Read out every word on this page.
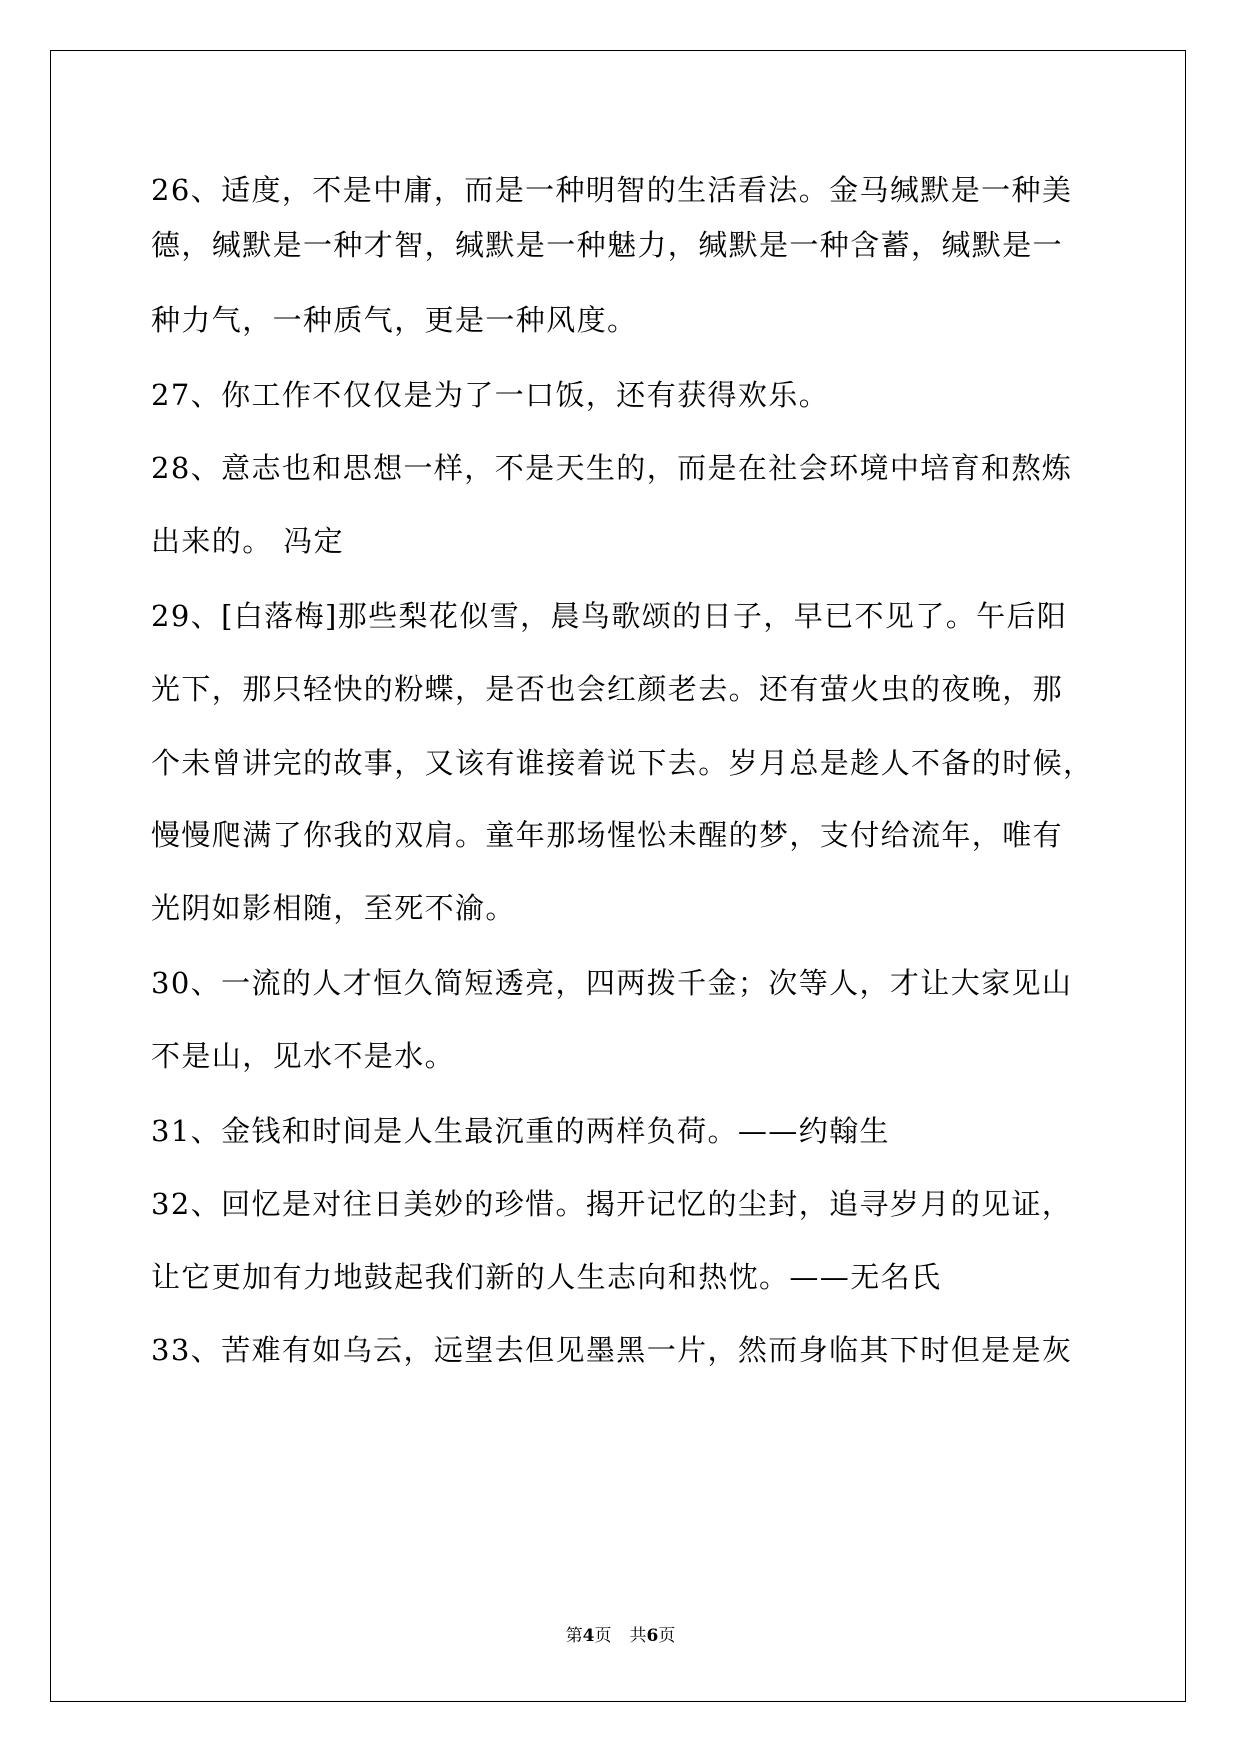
26、适度，不是中庸，而是一种明智的生活看法。金马缄默是一种美
德，缄默是一种才智，缄默是一种魅力，缄默是一种含蓄，缄默是一
种力气，一种质气，更是一种风度。
27、你工作不仅仅是为了一口饭，还有获得欢乐。
28、意志也和思想一样，不是天生的，而是在社会环境中培育和熬炼
出来的。 冯定
29、[白落梅]那些梨花似雪，晨鸟歌颂的日子，早已不见了。午后阳
光下，那只轻快的粉蝶，是否也会红颜老去。还有萤火虫的夜晚，那
个未曾讲完的故事，又该有谁接着说下去。岁月总是趁人不备的时候，
慢慢爬满了你我的双肩。童年那场惺忪未醒的梦，支付给流年，唯有
光阴如影相随，至死不渝。
30、一流的人才恒久简短透亮，四两拨千金；次等人，才让大家见山
不是山，见水不是水。
31、金钱和时间是人生最沉重的两样负荷。——约翰生
32、回忆是对往日美妙的珍惜。揭开记忆的尘封，追寻岁月的见证，
让它更加有力地鼓起我们新的人生志向和热忱。——无名氏
33、苦难有如乌云，远望去但见墨黑一片，然而身临其下时但是是灰
第4页 共6页
